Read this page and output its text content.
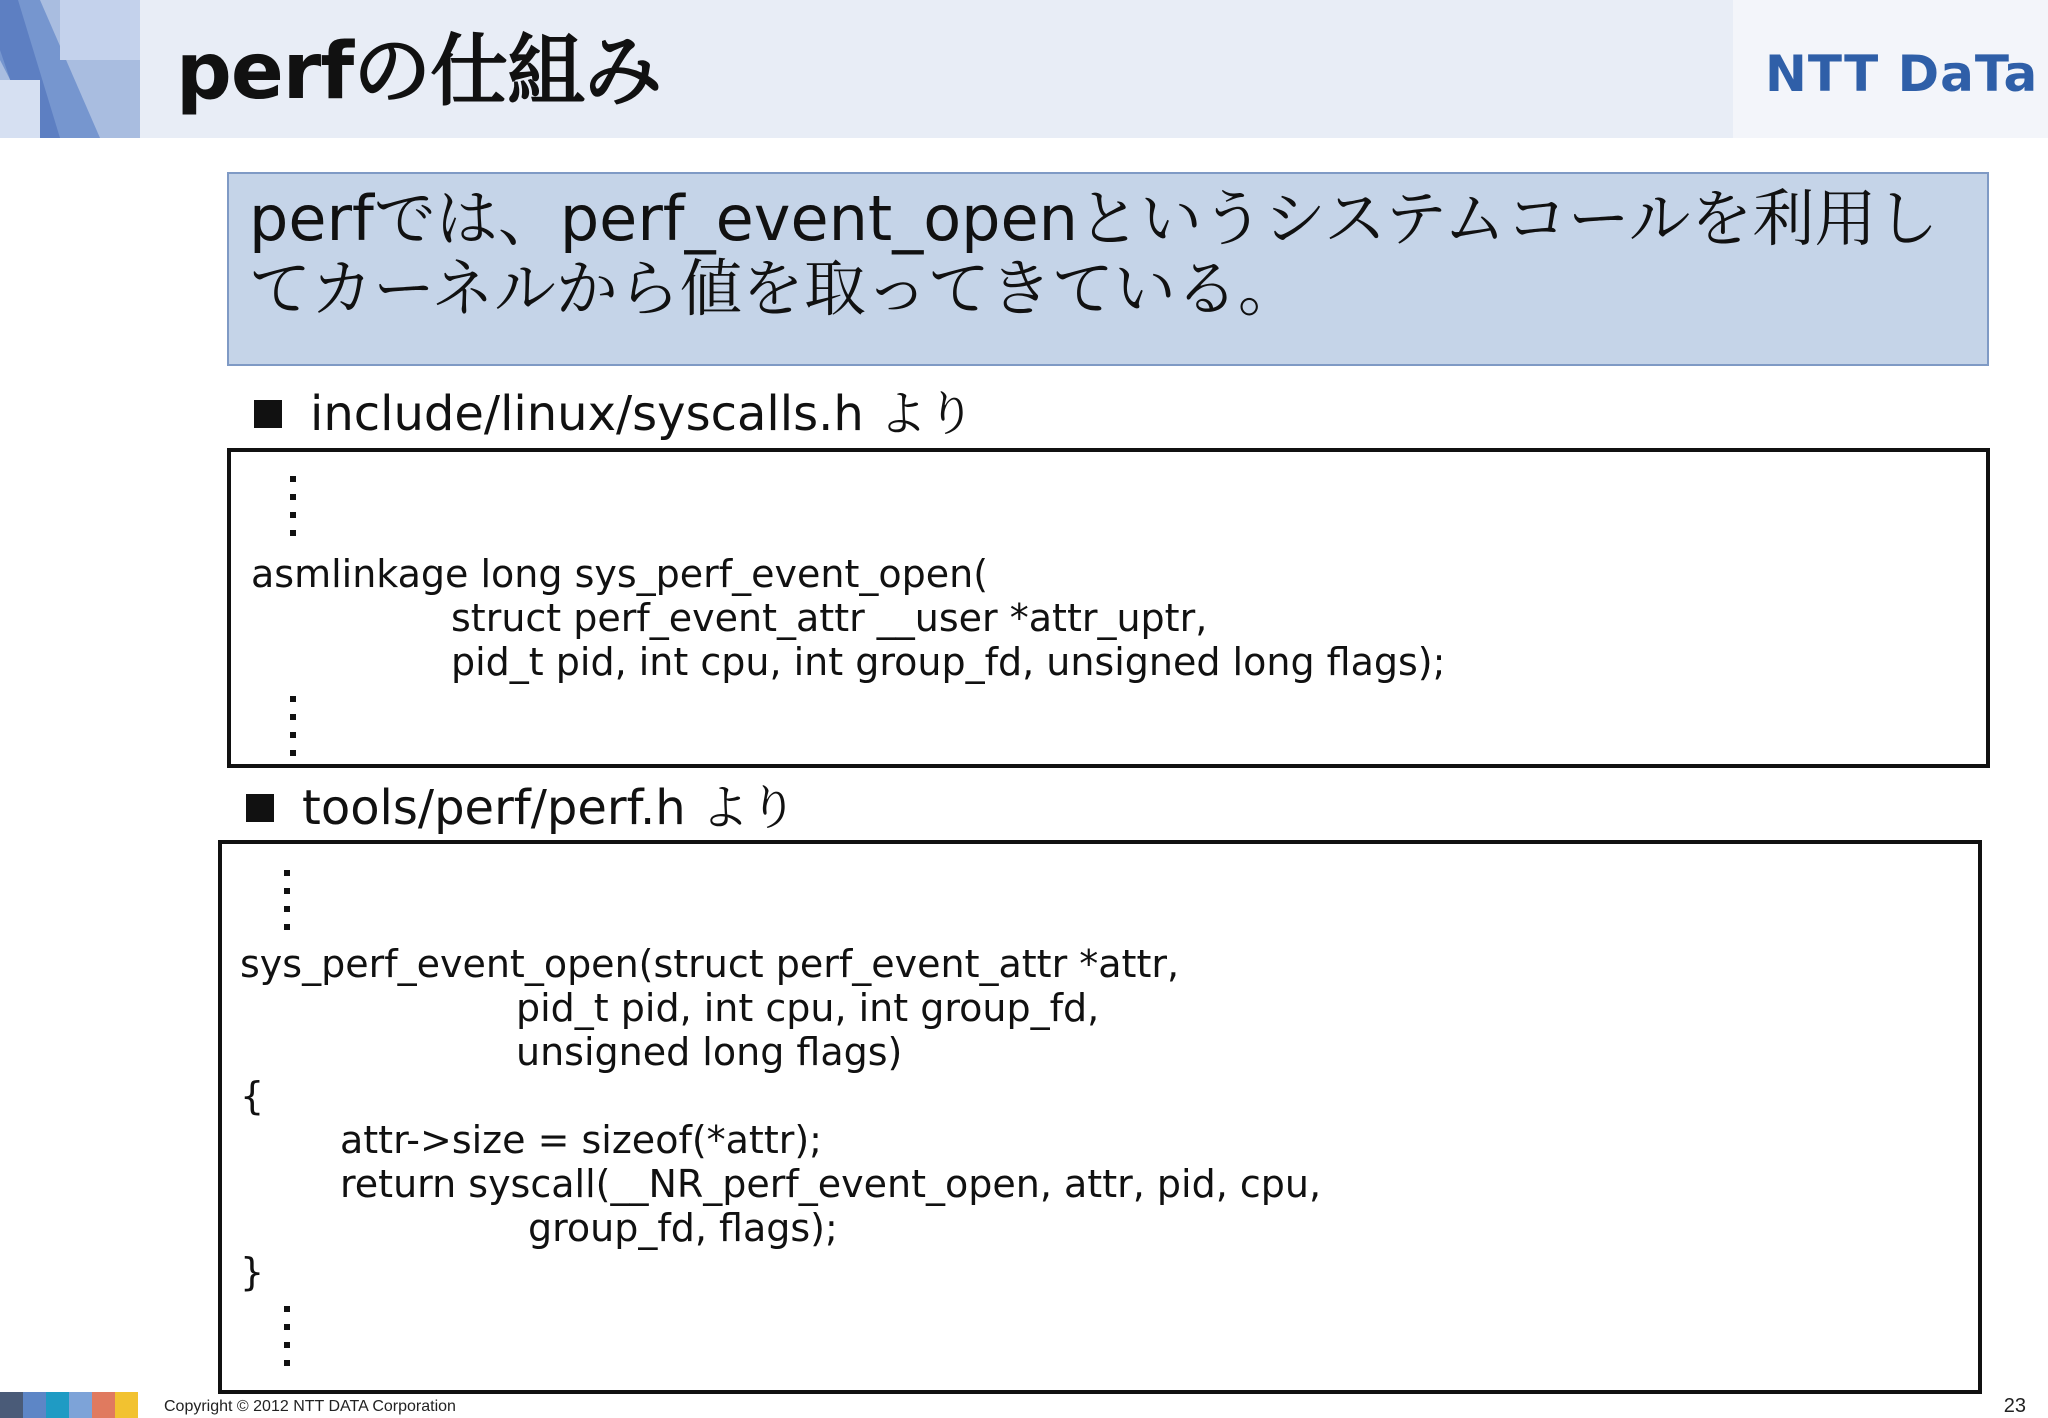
perfの仕組み	NTT DaTa
perfでは、perf_event_openというシステムコールを利用し
てカーネルから値を取ってきている。
include/linux/syscalls.h より
asmlinkage long sys_perf_event_open(
struct perf_event_attr __user *attr_uptr,
pid_t pid, int cpu, int group_fd, unsigned long flags);
tools/perf/perf.h より
sys_perf_event_open(struct perf_event_attr *attr,
pid_t pid, int cpu, int group_fd,
unsigned long flags)
{
attr->size = sizeof(*attr);
return syscall(__NR_perf_event_open, attr, pid, cpu,
group_fd, flags);
}
Copyright © 2012 NTT DATA Corporation	23
